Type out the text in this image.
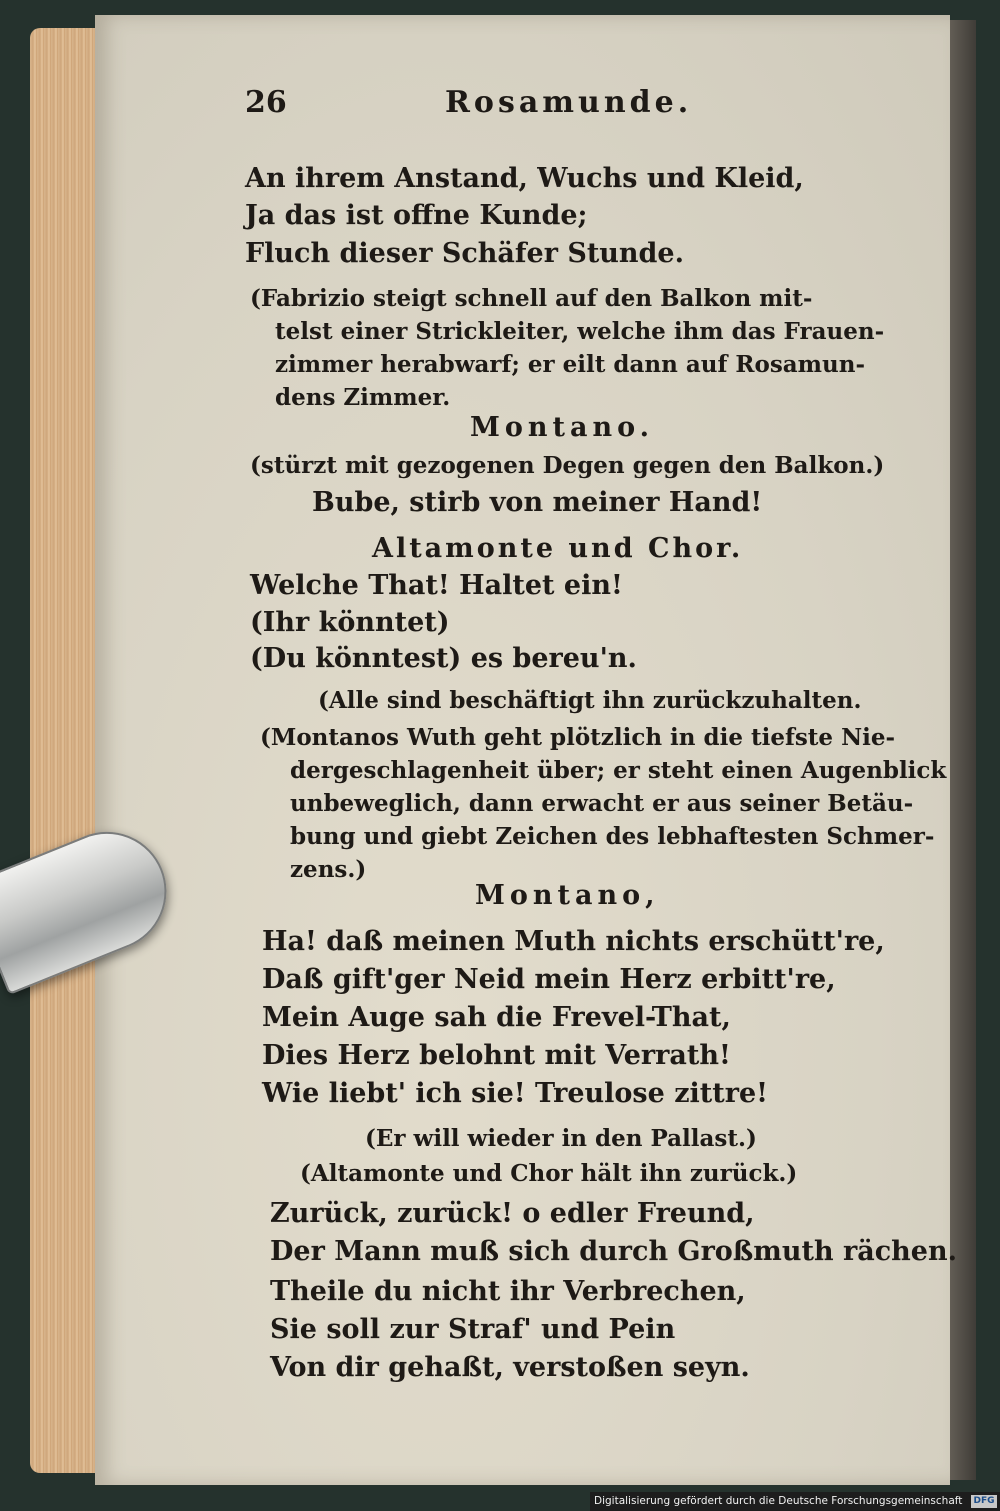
26	Rosamunde.
An ihrem Anstand, Wuchs und Kleid,
Ja das ist offne Kunde;
Fluch dieser Schäfer Stunde.
(Fabrizio steigt schnell auf den Balkon mit-
telst einer Strickleiter, welche ihm das Frauen-
zimmer herabwarf; er eilt dann auf Rosamun-
dens Zimmer.
Montano.
(stürzt mit gezogenen Degen gegen den Balkon.)
Bube, stirb von meiner Hand!
Altamonte und Chor.
Welche That! Haltet ein!
(Ihr könntet)
(Du könntest) es bereu'n.
(Alle sind beschäftigt ihn zurückzuhalten.
(Montanos Wuth geht plötzlich in die tiefste Nie-
dergeschlagenheit über; er steht einen Augenblick
unbeweglich, dann erwacht er aus seiner Betäu-
bung und giebt Zeichen des lebhaftesten Schmer-
zens.)
Montano,
Ha! daß meinen Muth nichts erschütt're,
Daß gift'ger Neid mein Herz erbitt're,
Mein Auge sah die Frevel-That,
Dies Herz belohnt mit Verrath!
Wie liebt' ich sie! Treulose zittre!
(Er will wieder in den Pallast.)
(Altamonte und Chor hält ihn zurück.)
Zurück, zurück! o edler Freund,
Der Mann muß sich durch Großmuth rächen.
Theile du nicht ihr Verbrechen,
Sie soll zur Straf' und Pein
Von dir gehaßt, verstoßen seyn.
Digitalisierung gefördert durch die Deutsche Forschungsgemeinschaft DFG
